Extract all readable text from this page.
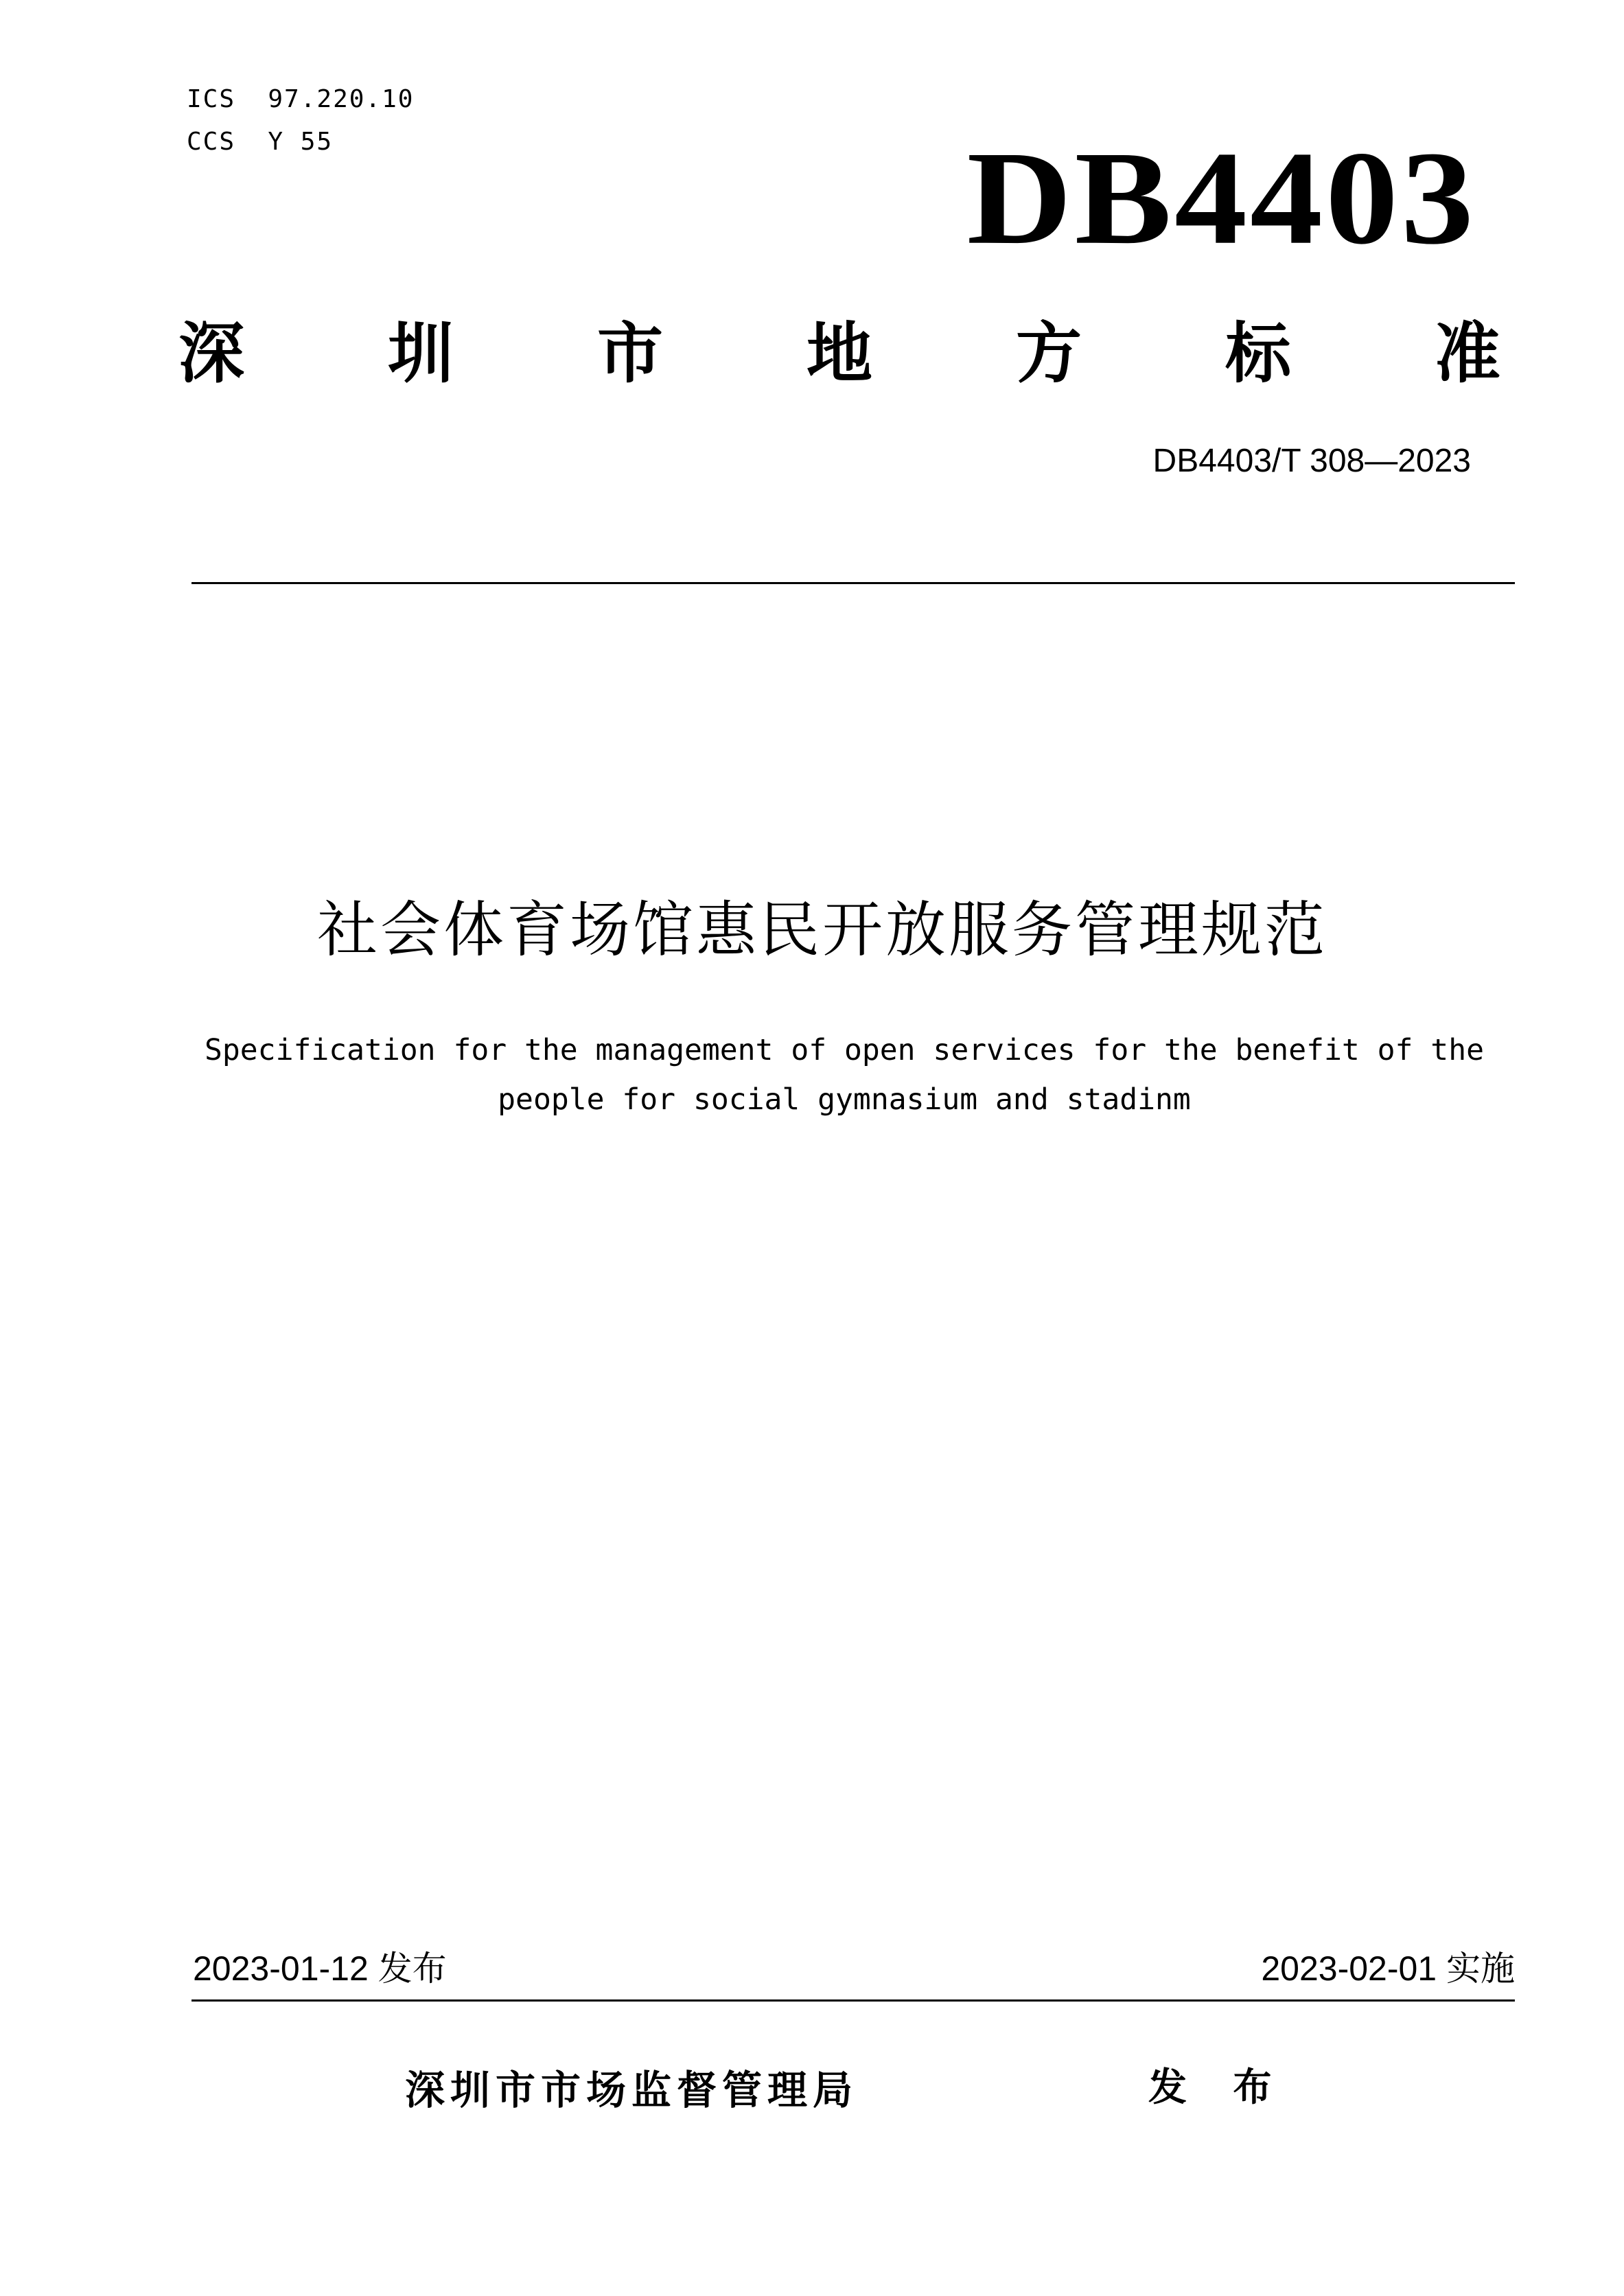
ICS  97.220.10
CCS  Y 55	DB4403
深 圳 市 地 方 标 准
DB4403/T 308—2023
社会体育场馆惠民开放服务管理规范
Specification for the management of open services for the benefit of the
people for social gymnasium and stadinm
2023-01-12 发布	2023-02-01 实施
深圳市市场监督管理局	发 布
